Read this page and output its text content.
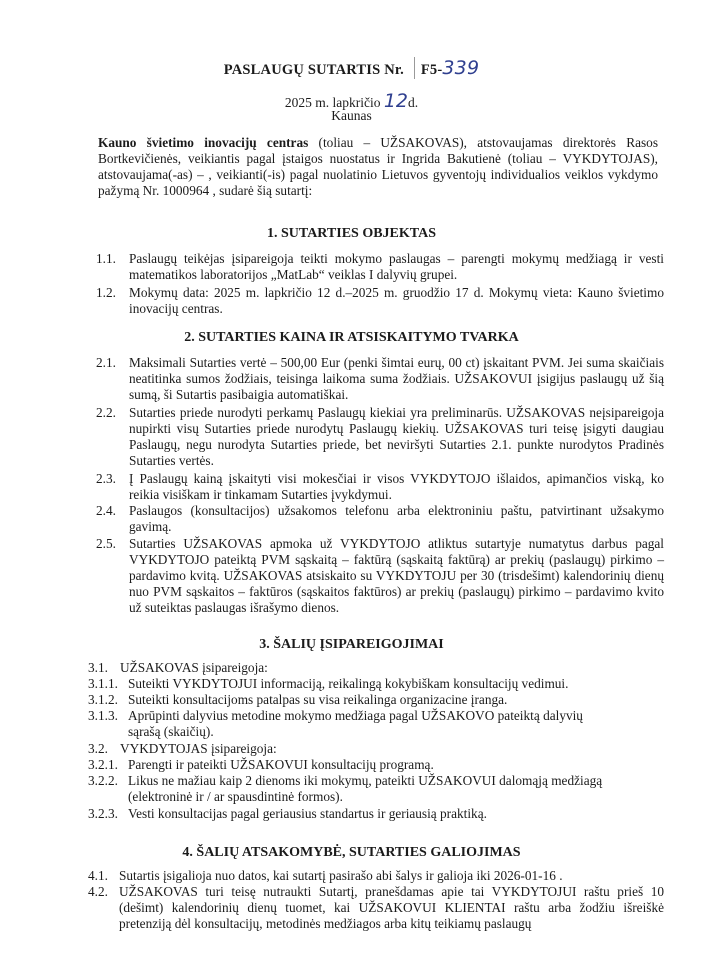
PASLAUGŲ SUTARTIS Nr. F5-339
2025 m. lapkričio 12d.
Kaunas
Kauno švietimo inovacijų centras (toliau – UŽSAKOVAS), atstovaujamas direktorės Rasos Bortkevičienės, veikiantis pagal įstaigos nuostatus ir Ingrida Bakutienė (toliau – VYKDYTOJAS), atstovaujama(-as) – , veikianti(-is) pagal nuolatinio Lietuvos gyventojų individualios veiklos vykdymo pažymą Nr. 1000964 , sudarė šią sutartį:
1. SUTARTIES OBJEKTAS
1.1. Paslaugų teikėjas įsipareigoja teikti mokymo paslaugas – parengti mokymų medžiagą ir vesti matematikos laboratorijos „MatLab“ veiklas I dalyvių grupei.
1.2. Mokymų data: 2025 m. lapkričio 12 d.–2025 m. gruodžio 17 d. Mokymų vieta: Kauno švietimo inovacijų centras.
2. SUTARTIES KAINA IR ATSISKAITYMO TVARKA
2.1. Maksimali Sutarties vertė – 500,00 Eur (penki šimtai eurų, 00 ct) įskaitant PVM. Jei suma skaičiais neatitinka sumos žodžiais, teisinga laikoma suma žodžiais. UŽSAKOVUI įsigijus paslaugų už šią sumą, ši Sutartis pasibaigia automatiškai.
2.2. Sutarties priede nurodyti perkamų Paslaugų kiekiai yra preliminarūs. UŽSAKOVAS neįsipareigoja nupirkti visų Sutarties priede nurodytų Paslaugų kiekių. UŽSAKOVAS turi teisę įsigyti daugiau Paslaugų, negu nurodyta Sutarties priede, bet neviršyti Sutarties 2.1. punkte nurodytos Pradinės Sutarties vertės.
2.3. Į Paslaugų kainą įskaityti visi mokesčiai ir visos VYKDYTOJO išlaidos, apimančios viską, ko reikia visiškam ir tinkamam Sutarties įvykdymui.
2.4. Paslaugos (konsultacijos) užsakomos telefonu arba elektroniniu paštu, patvirtinant užsakymo gavimą.
2.5. Sutarties UŽSAKOVAS apmoka už VYKDYTOJO atliktus sutartyje numatytus darbus pagal VYKDYTOJO pateiktą PVM sąskaitą – faktūrą (sąskaitą faktūrą) ar prekių (paslaugų) pirkimo – pardavimo kvitą. UŽSAKOVAS atsiskaito su VYKDYTOJU per 30 (trisdešimt) kalendorinių dienų nuo PVM sąskaitos – faktūros (sąskaitos faktūros) ar prekių (paslaugų) pirkimo – pardavimo kvito už suteiktas paslaugas išrašymo dienos.
3. ŠALIŲ ĮSIPAREIGOJIMAI
3.1. UŽSAKOVAS įsipareigoja:
3.1.1. Suteikti VYKDYTOJUI informaciją, reikalingą kokybiškam konsultacijų vedimui.
3.1.2. Suteikti konsultacijoms patalpas su visa reikalinga organizacine įranga.
3.1.3. Aprūpinti dalyvius metodine mokymo medžiaga pagal UŽSAKOVO pateiktą dalyvių sąrašą (skaičių).
3.2. VYKDYTOJAS įsipareigoja:
3.2.1. Parengti ir pateikti UŽSAKOVUI konsultacijų programą.
3.2.2. Likus ne mažiau kaip 2 dienoms iki mokymų, pateikti UŽSAKOVUI dalomąją medžiagą (elektroninė ir / ar spausdintinė formos).
3.2.3. Vesti konsultacijas pagal geriausius standartus ir geriausią praktiką.
4. ŠALIŲ ATSAKOMYBĖ, SUTARTIES GALIOJIMAS
4.1. Sutartis įsigalioja nuo datos, kai sutartį pasirašo abi šalys ir galioja iki 2026-01-16 .
4.2. UŽSAKOVAS turi teisę nutraukti Sutartį, pranešdamas apie tai VYKDYTOJUI raštu prieš 10 (dešimt) kalendorinių dienų tuomet, kai UŽSAKOVUI KLIENTAI raštu arba žodžiu išreiškė pretenziją dėl konsultacijų, metodinės medžiagos arba kitų teikiamų paslaugų
